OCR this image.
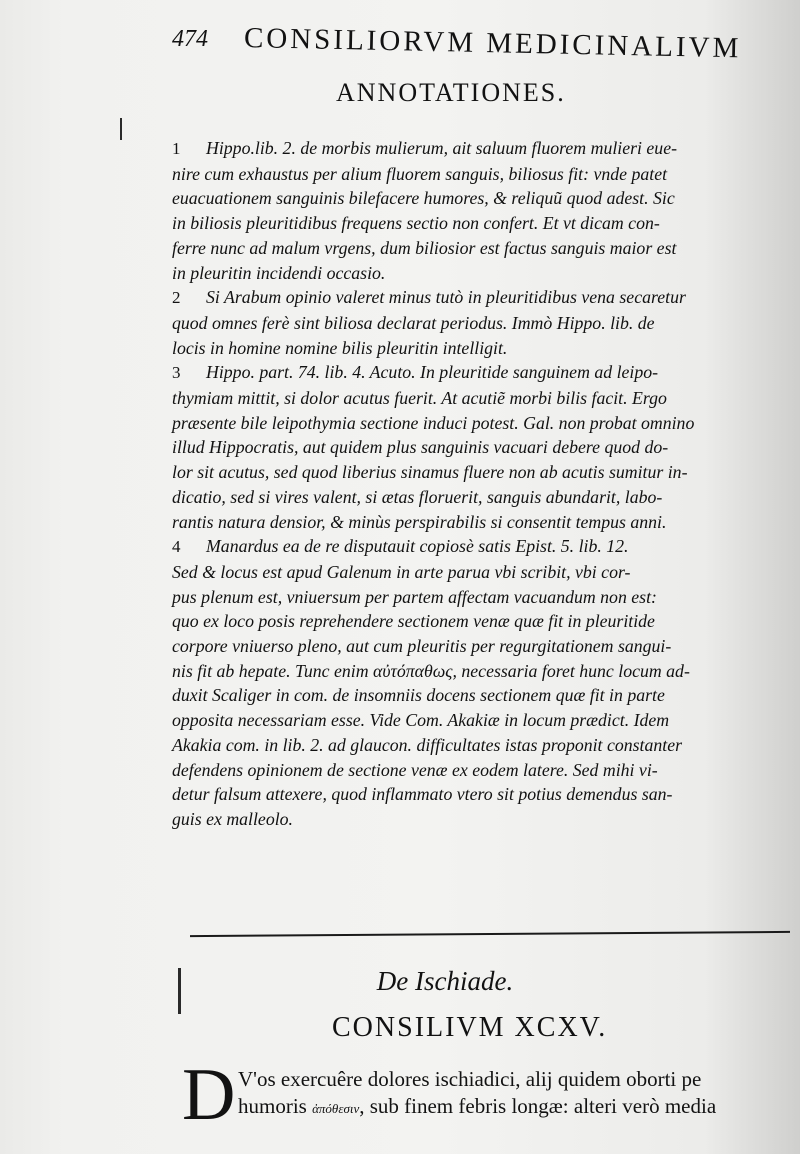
474 CONSILIORVM MEDICINALIVM
ANNOTATIONES.
1 Hippo.lib. 2. de morbis mulierum, ait saluum fluorem mulieri eue-
nire cum exhaustus per alium fluorem sanguis, biliosus fit: vnde patet
euacuationem sanguinis bilefacere humores, & reliquũ quod adest. Sic
in biliosis pleuritidibus frequens sectio non confert. Et vt dicam con-
ferre nunc ad malum vrgens, dum biliosior est factus sanguis maior est
in pleuritin incidendi occasio.
2 Si Arabum opinio valeret minus tutò in pleuritidibus vena secaretur
quod omnes ferè sint biliosa declarat periodus. Immò Hippo. lib. de
locis in homine nomine bilis pleuritin intelligit.
3 Hippo. part. 74. lib. 4. Acuto. In pleuritide sanguinem ad leipo-
thymiam mittit, si dolor acutus fuerit. At acutiẽ morbi bilis facit. Ergo
præsente bile leipothymia sectione induci potest. Gal. non probat omnino
illud Hippocratis, aut quidem plus sanguinis vacuari debere quod do-
lor sit acutus, sed quod liberius sinamus fluere non ab acutis sumitur in-
dicatio, sed si vires valent, si ætas floruerit, sanguis abundarit, labo-
rantis natura densior, & minùs perspirabilis si consentit tempus anni.
4 Manardus ea de re disputauit copiosè satis Epist. 5. lib. 12.
Sed & locus est apud Galenum in arte parua vbi scribit, vbi cor-
pus plenum est, vniuersum per partem affectam vacuandum non est:
quo ex loco posis reprehendere sectionem venæ quæ fit in pleuritide
corpore vniuerso pleno, aut cum pleuritis per regurgitationem sangui-
nis fit ab hepate. Tunc enim αὐτόπαθως, necessaria foret hunc locum ad-
duxit Scaliger in com. de insomniis docens sectionem quæ fit in parte
opposita necessariam esse. Vide Com. Akakiæ in locum prædict. Idem
Akakia com. in lib. 2. ad glaucon. difficultates istas proponit constanter
defendens opinionem de sectione venæ ex eodem latere. Sed mihi vi-
detur falsum attexere, quod inflammato vtero sit potius demendus san-
guis ex malleolo.
De Ischiade.
CONSILIVM XCXV.
D V'os exercuêre dolores ischiadici, alij quidem oborti pe
humoris ἀπόθεσιν, sub finem febris longæ: alteri verò media
